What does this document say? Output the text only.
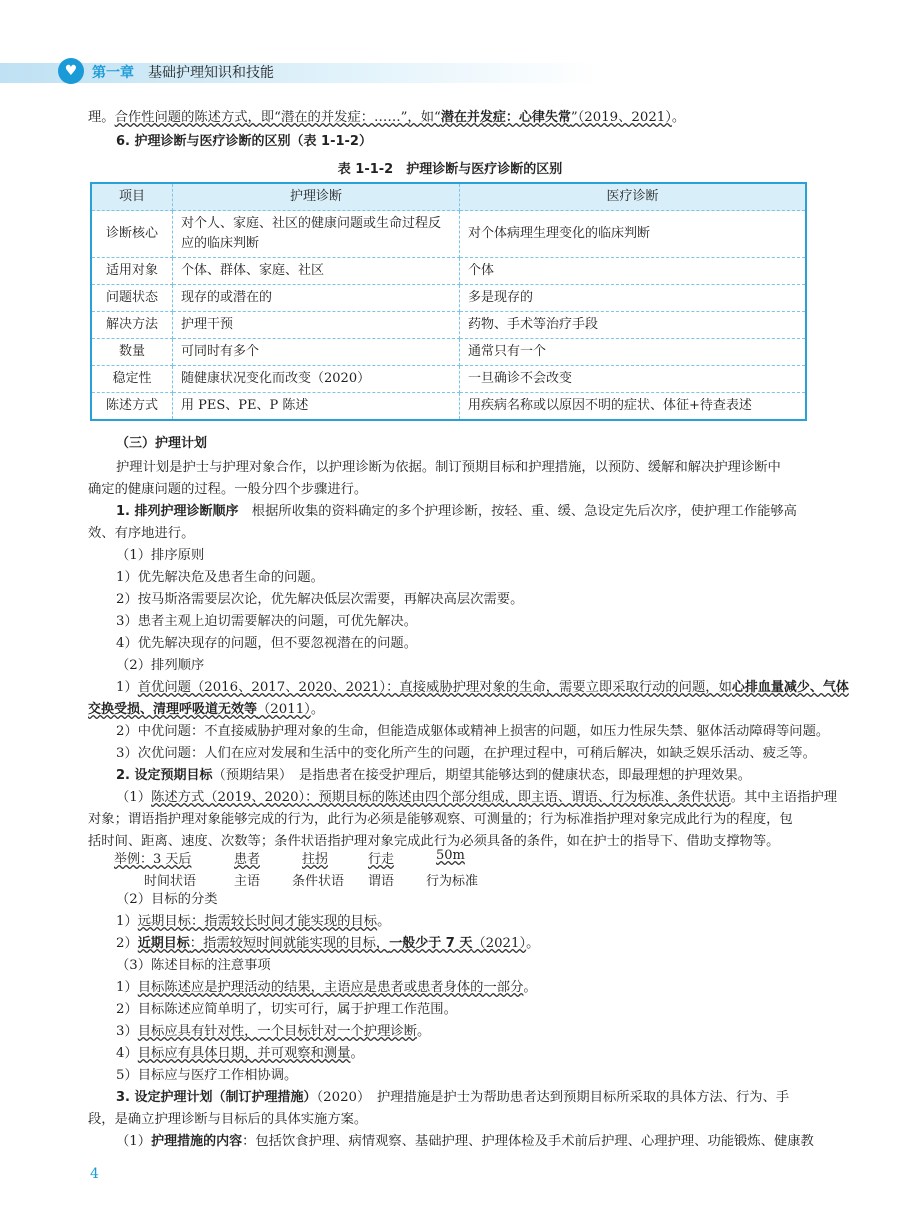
♥	第一章 基础护理知识和技能
理。合作性问题的陈述方式，即“潜在的并发症：……”，如“潜在并发症：心律失常”（2019、2021）。
6. 护理诊断与医疗诊断的区别（表 1-1-2）
表 1-1-2　护理诊断与医疗诊断的区别
项目	护理诊断	医疗诊断
诊断核心	对个人、家庭、社区的健康问题或生命过程反应的临床判断	对个体病理生理变化的临床判断
适用对象	个体、群体、家庭、社区	个体
问题状态	现存的或潜在的	多是现存的
解决方法	护理干预	药物、手术等治疗手段
数量	可同时有多个	通常只有一个
稳定性	随健康状况变化而改变（2020）	一旦确诊不会改变
陈述方式	用 PES、PE、P 陈述	用疾病名称或以原因不明的症状、体征+待查表述
（三）护理计划
护理计划是护士与护理对象合作，以护理诊断为依据。制订预期目标和护理措施，以预防、缓解和解决护理诊断中
确定的健康问题的过程。一般分四个步骤进行。
1. 排列护理诊断顺序　根据所收集的资料确定的多个护理诊断，按轻、重、缓、急设定先后次序，使护理工作能够高
效、有序地进行。
（1）排序原则
1）优先解决危及患者生命的问题。
2）按马斯洛需要层次论，优先解决低层次需要，再解决高层次需要。
3）患者主观上迫切需要解决的问题，可优先解决。
4）优先解决现存的问题，但不要忽视潜在的问题。
（2）排列顺序
1）首优问题（2016、2017、2020、2021）：直接威胁护理对象的生命，需要立即采取行动的问题，如心排血量减少、气体
交换受损、清理呼吸道无效等（2011）。
2）中优问题：不直接威胁护理对象的生命，但能造成躯体或精神上损害的问题，如压力性尿失禁、躯体活动障碍等问题。
3）次优问题：人们在应对发展和生活中的变化所产生的问题，在护理过程中，可稍后解决，如缺乏娱乐活动、疲乏等。
2. 设定预期目标（预期结果）　是指患者在接受护理后，期望其能够达到的健康状态，即最理想的护理效果。
（1）陈述方式（2019、2020）：预期目标的陈述由四个部分组成，即主语、谓语、行为标准、条件状语。其中主语指护理
对象；谓语指护理对象能够完成的行为，此行为必须是能够观察、可测量的；行为标准指护理对象完成此行为的程度，包
括时间、距离、速度、次数等；条件状语指护理对象完成此行为必须具备的条件，如在护士的指导下、借助支撑物等。
举例：3 天后	患者	拄拐	行走	50m
时间状语	主语 条件状语 谓语 行为标准
（2）目标的分类
1）远期目标：指需较长时间才能实现的目标。
2）近期目标：指需较短时间就能实现的目标，一般少于 7 天（2021）。
（3）陈述目标的注意事项
1）目标陈述应是护理活动的结果，主语应是患者或患者身体的一部分。
2）目标陈述应简单明了，切实可行，属于护理工作范围。
3）目标应具有针对性，一个目标针对一个护理诊断。
4）目标应有具体日期，并可观察和测量。
5）目标应与医疗工作相协调。
3. 设定护理计划（制订护理措施）（2020）　护理措施是护士为帮助患者达到预期目标所采取的具体方法、行为、手
段，是确立护理诊断与目标后的具体实施方案。
（1）护理措施的内容：包括饮食护理、病情观察、基础护理、护理体检及手术前后护理、心理护理、功能锻炼、健康教
4
